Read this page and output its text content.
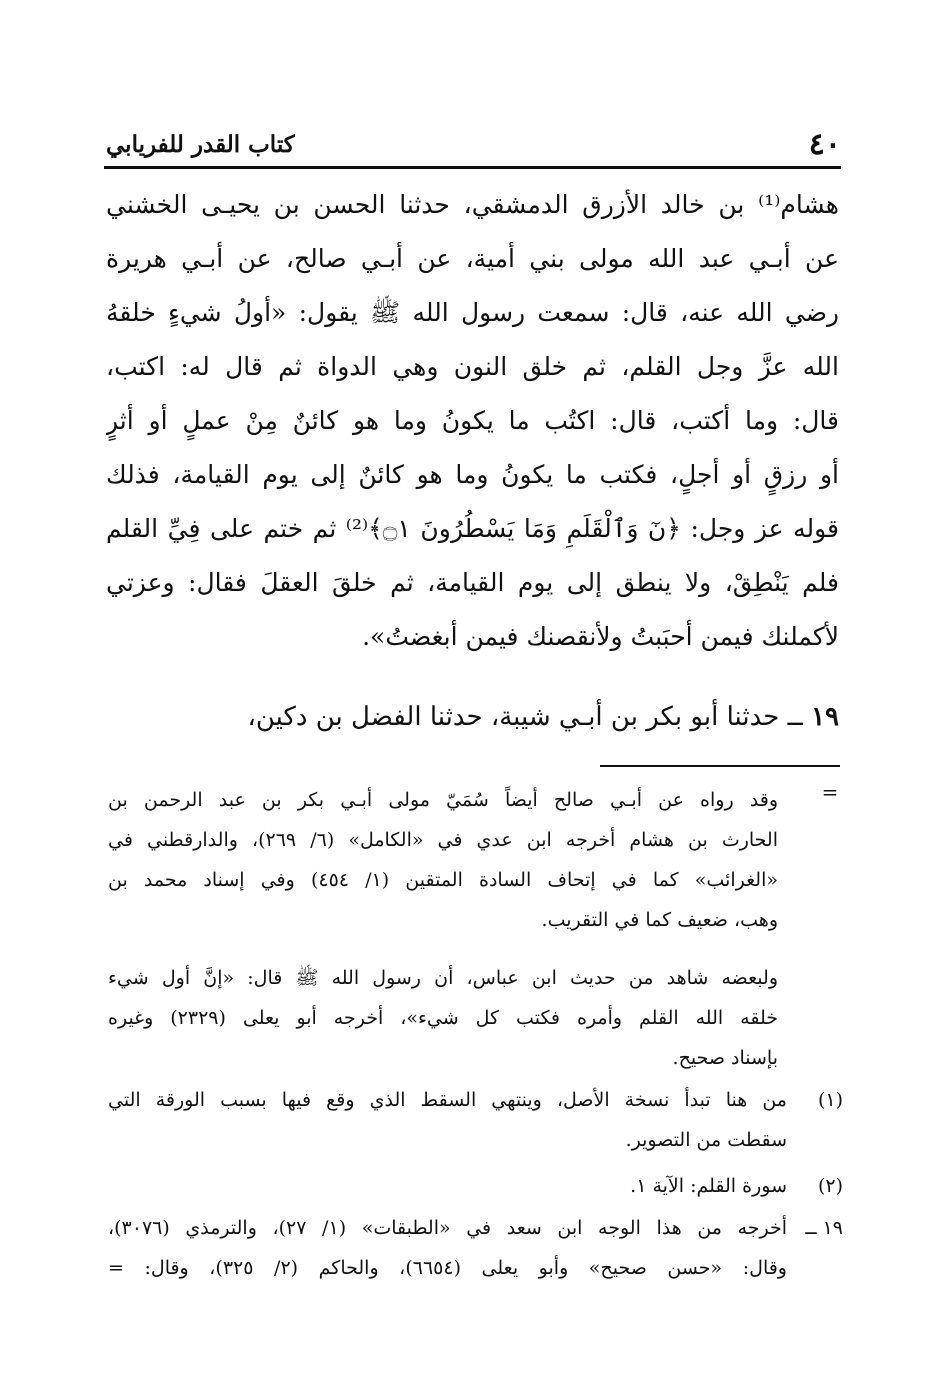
٤٠
كتاب القدر للفريابي
هشام⁽¹⁾ بن خالد الأزرق الدمشقي، حدثنا الحسن بن يحيـى الخشني
عن أبـي عبد الله مولى بني أمية، عن أبـي صالح، عن أبـي هريرة
رضي الله عنه، قال: سمعت رسول الله ﷺ يقول: «أولُ شيءٍ خلقهُ
الله عزَّ وجل القلم، ثم خلق النون وهي الدواة ثم قال له: اكتب،
قال: وما أكتب، قال: اكتُب ما يكونُ وما هو كائنٌ مِنْ عملٍ أو أثرٍ
أو رزقٍ أو أجلٍ، فكتب ما يكونُ وما هو كائنٌ إلى يوم القيامة، فذلك
قوله عز وجل: ﴿نٓ وَٱلْقَلَمِ وَمَا يَسْطُرُونَ ۝١﴾⁽²⁾ ثم ختم على فِيِّ القلم
فلم يَنْطِقْ، ولا ينطق إلى يوم القيامة، ثم خلقَ العقلَ فقال: وعزتي
لأكملنك فيمن أحبَبتُ ولأنقصنك فيمن أبغضتُ».
١٩ ــ حدثنا أبو بكر بن أبـي شيبة، حدثنا الفضل بن دكين،
=
وقد رواه عن أبـي صالح أيضاً سُمَيّ مولى أبـي بكر بن عبد الرحمن بن
الحارث بن هشام أخرجه ابن عدي في «الكامل» (٦/ ٢٦٩)، والدارقطني في
«الغرائب» كما في إتحاف السادة المتقين (١/ ٤٥٤) وفي إسناد محمد بن
وهب، ضعيف كما في التقريب.
ولبعضه شاهد من حديث ابن عباس، أن رسول الله ﷺ قال: «إنَّ أول شيء
خلقه الله القلم وأمره فكتب كل شيء»، أخرجه أبو يعلى (٢٣٢٩) وغيره
بإسناد صحيح.
(١)
من هنا تبدأ نسخة الأصل، وينتهي السقط الذي وقع فيها بسبب الورقة التي
سقطت من التصوير.
(٢)
سورة القلم: الآية ١.
١٩ ــ
أخرجه من هذا الوجه ابن سعد في «الطبقات» (١/ ٢٧)، والترمذي (٣٠٧٦)،
وقال: «حسن صحيح» وأبو يعلى (٦٦٥٤)، والحاكم (٢/ ٣٢٥)، وقال: =
